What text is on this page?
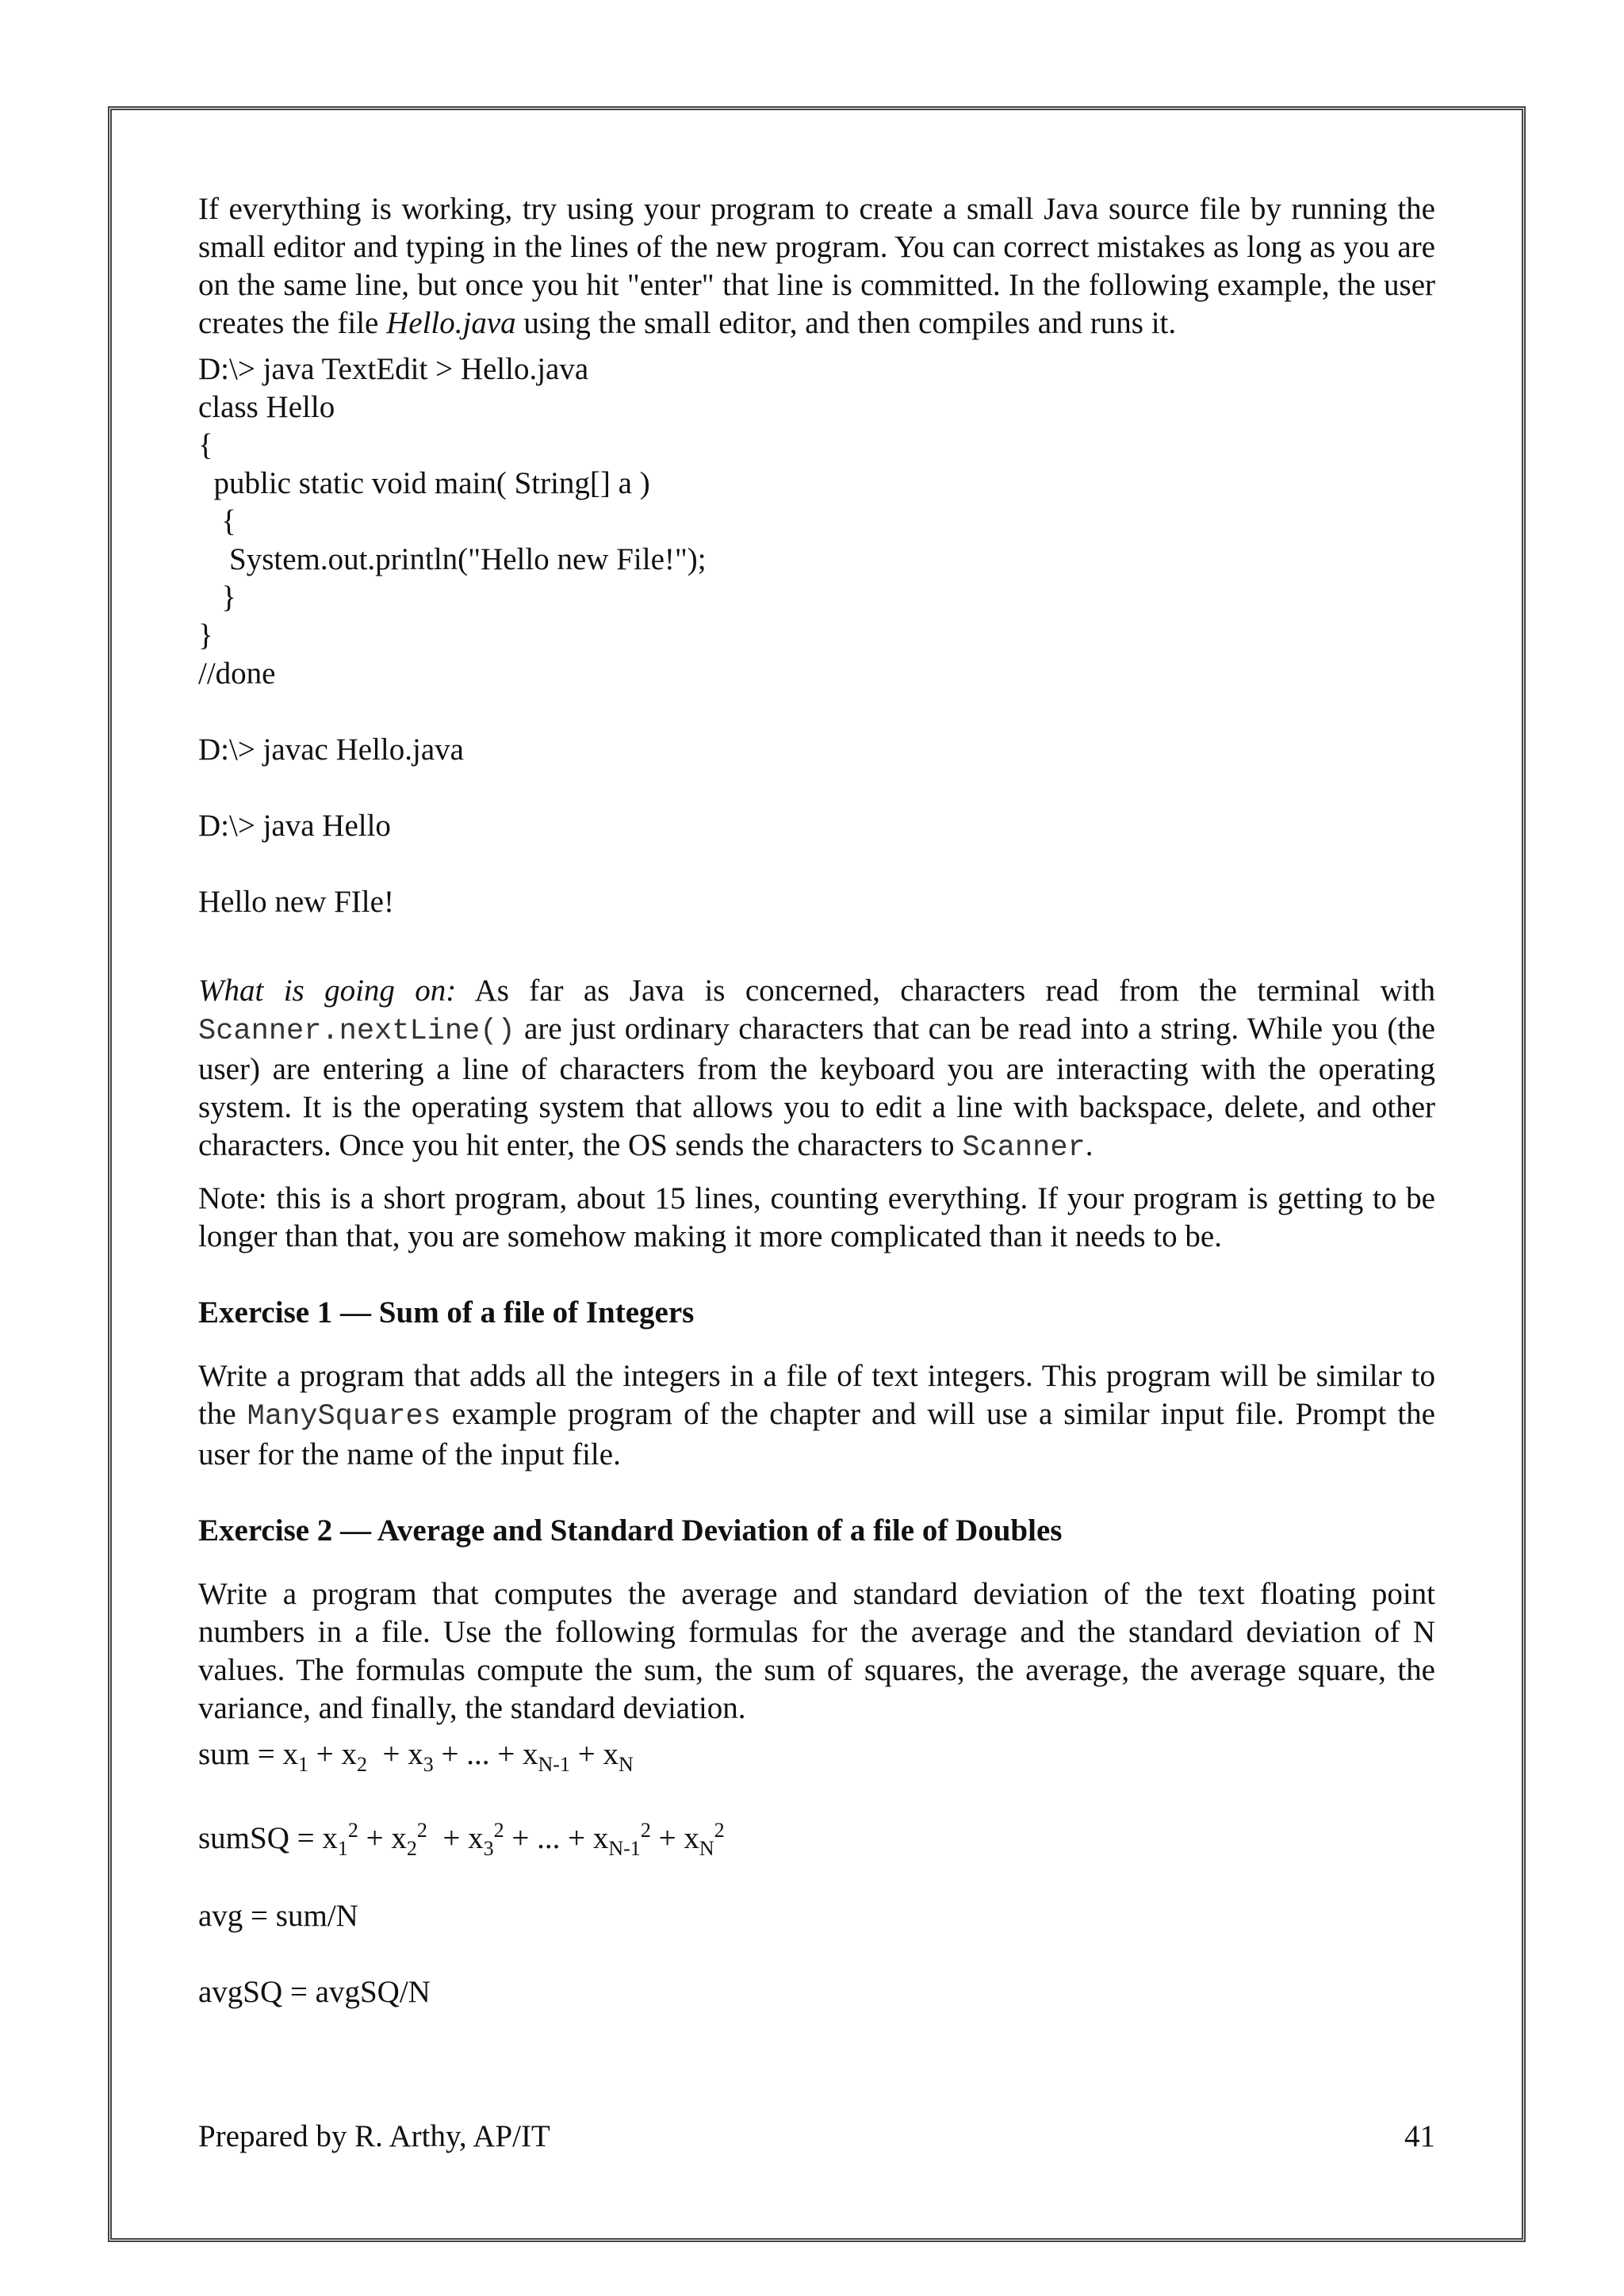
If everything is working, try using your program to create a small Java source file by running the small editor and typing in the lines of the new program. You can correct mistakes as long as you are on the same line, but once you hit "enter" that line is committed. In the following example, the user creates the file Hello.java using the small editor, and then compiles and runs it.

D:\> java TextEdit > Hello.java

class Hello

{

public static void main( String[] a )

{

System.out.println("Hello new File!");

}

}

//done

D:\> javac Hello.java

D:\> java Hello

Hello new FIle!

What is going on: As far as Java is concerned, characters read from the terminal with Scanner.nextLine() are just ordinary characters that can be read into a string. While you (the user) are entering a line of characters from the keyboard you are interacting with the operating system. It is the operating system that allows you to edit a line with backspace, delete, and other characters. Once you hit enter, the OS sends the characters to Scanner.

Note: this is a short program, about 15 lines, counting everything. If your program is getting to be longer than that, you are somehow making it more complicated than it needs to be.

Exercise 1 — Sum of a file of Integers

Write a program that adds all the integers in a file of text integers. This program will be similar to the ManySquares example program of the chapter and will use a similar input file. Prompt the user for the name of the input file.

Exercise 2 — Average and Standard Deviation of a file of Doubles

Write a program that computes the average and standard deviation of the text floating point numbers in a file. Use the following formulas for the average and the standard deviation of N values. The formulas compute the sum, the sum of squares, the average, the average square, the variance, and finally, the standard deviation.

sum = $x_1 + x_2 + x_3$ + ... + $x_{N-1} + x_N$

sumSQ = $x_1^2 + x_2^2 + x_3^2$ + ... + $x_{N-1}^2 + x_N^2$

avg = sum/N

avgSQ = avgSQ/N

Prepared by R. Arthy, AP/IT	41
